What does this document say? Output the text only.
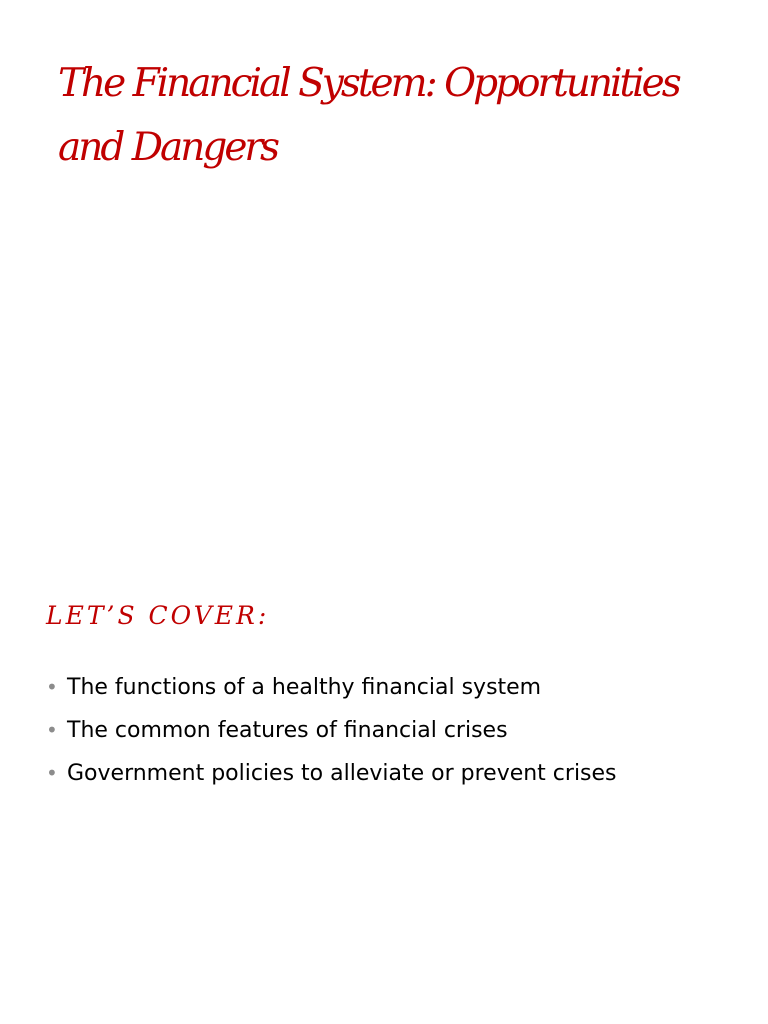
The Financial System: Opportunities
and Dangers
LET’S COVER:
• The functions of a healthy financial system
• The common features of financial crises
• Government policies to alleviate or prevent crises
